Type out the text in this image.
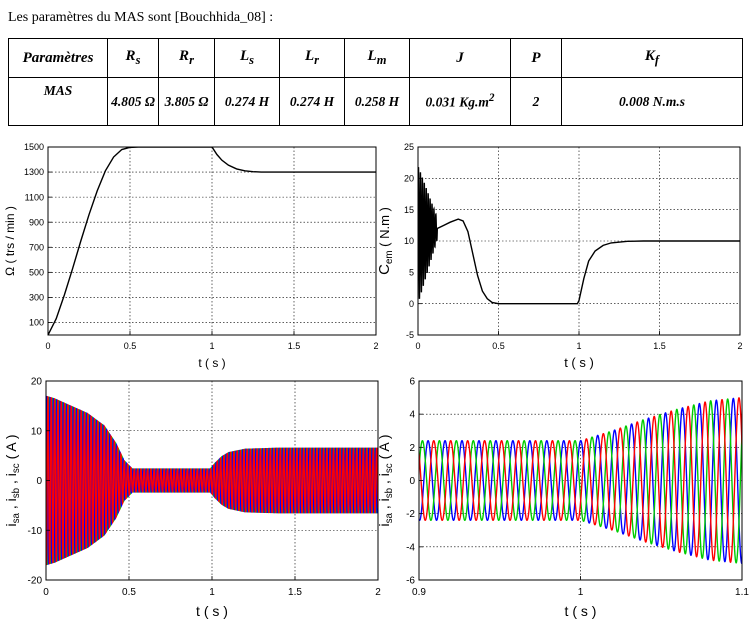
Les paramètres du MAS sont [Bouchhida_08] :
Paramètres	$R_s$	$R_r$	$L_s$	$L_r$	$L_m$	J	P	$K_f$
MAS	4.805 Ω	3.805 Ω	0.274 H	0.274 H	0.258 H	0.031 $Kg.m^2$	2	0.008 N.m.s
0	0.5	1	1.5	2
100
300
500
700
900
1100
1300
1500
t ( s )
Ω ( trs / min )
0	0.5	1	1.5	2
-5
0
5
10
15
20
25
t ( s )
$C_{em}$ ( N.m )
0	0.5	1	1.5	2
-20
-10
0
10
20
t ( s )
$i_{sa}$ , $i_{sb}$ , $i_{sc}$ ( A )
0.9	1	1.1
-6
-4
-2
0
2
4
6
t ( s )
$i_{sa}$ , $i_{sb}$ , $i_{sc}$ ( A )
